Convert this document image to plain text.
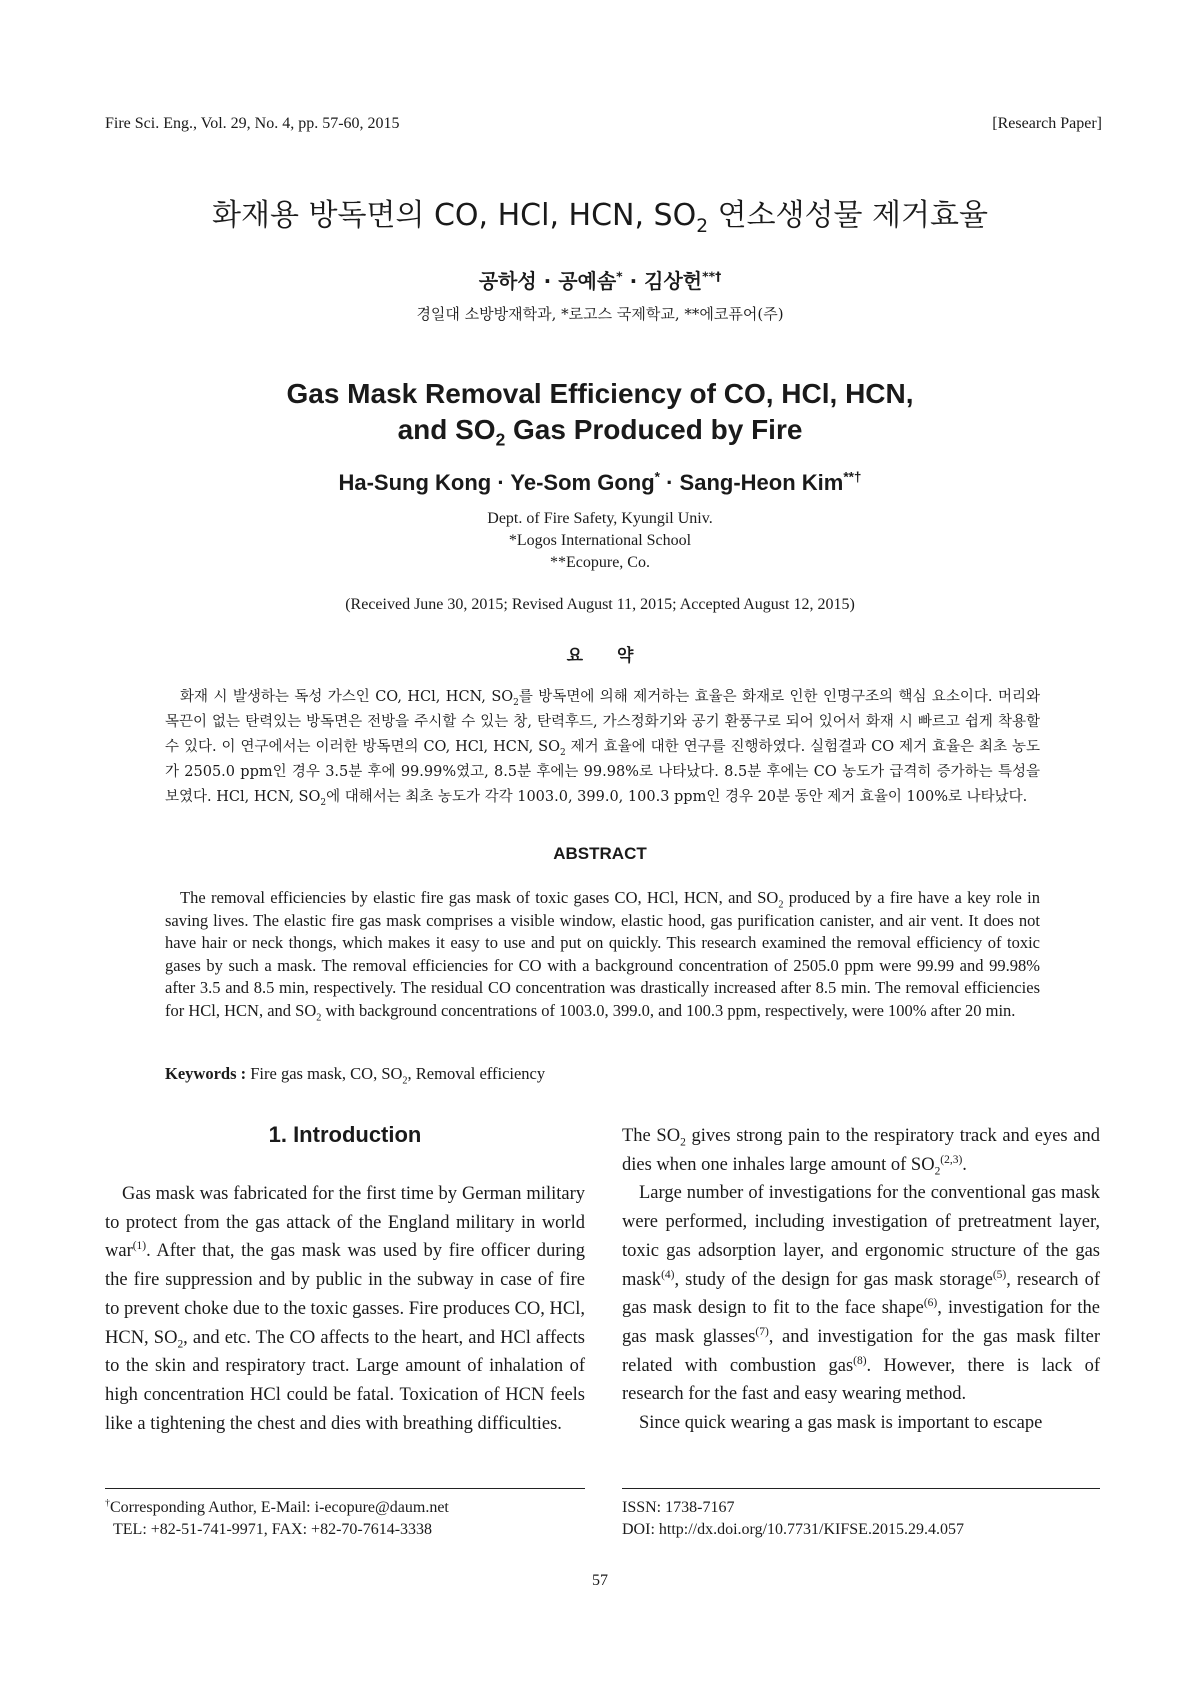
Fire Sci. Eng., Vol. 29, No. 4, pp. 57-60, 2015	[Research Paper]
화재용 방독면의 CO, HCl, HCN, $SO_2$ 연소생성물 제거효율
공하성 · 공예솜* · 김상헌**†
경일대 소방방재학과, *로고스 국제학교, **에코퓨어(주)
Gas Mask Removal Efficiency of CO, HCl, HCN,
and $SO_2$ Gas Produced by Fire
Ha-Sung Kong · Ye-Som Gong* · Sang-Heon Kim**†
Dept. of Fire Safety, Kyungil Univ.
*Logos International School
**Ecopure, Co.
(Received June 30, 2015; Revised August 11, 2015; Accepted August 12, 2015)
요약
화재 시 발생하는 독성 가스인 CO, HCl, HCN, $SO_2$를 방독면에 의해 제거하는 효율은 화재로 인한 인명구조의 핵심 요소이다. 머리와 목끈이 없는 탄력있는 방독면은 전방을 주시할 수 있는 창, 탄력후드, 가스정화기와 공기 환풍구로 되어 있어서 화재 시 빠르고 쉽게 착용할 수 있다. 이 연구에서는 이러한 방독면의 CO, HCl, HCN, $SO_2$ 제거 효율에 대한 연구를 진행하였다. 실험결과 CO 제거 효율은 최초 농도가 2505.0 ppm인 경우 3.5분 후에 99.99%였고, 8.5분 후에는 99.98%로 나타났다. 8.5분 후에는 CO 농도가 급격히 증가하는 특성을 보였다. HCl, HCN, $SO_2$에 대해서는 최초 농도가 각각 1003.0, 399.0, 100.3 ppm인 경우 20분 동안 제거 효율이 100%로 나타났다.
ABSTRACT
The removal efficiencies by elastic fire gas mask of toxic gases CO, HCl, HCN, and $SO_2$ produced by a fire have a key role in saving lives. The elastic fire gas mask comprises a visible window, elastic hood, gas purification canister, and air vent. It does not have hair or neck thongs, which makes it easy to use and put on quickly. This research examined the removal efficiency of toxic gases by such a mask. The removal efficiencies for CO with a background concentration of 2505.0 ppm were 99.99 and 99.98% after 3.5 and 8.5 min, respectively. The residual CO concentration was drastically increased after 8.5 min. The removal efficiencies for HCl, HCN, and $SO_2$ with background concentrations of 1003.0, 399.0, and 100.3 ppm, respectively, were 100% after 20 min.
Keywords : Fire gas mask, CO, $SO_2$, Removal efficiency
1. Introduction
Gas mask was fabricated for the first time by German military to protect from the gas attack of the England military in world war$^{(1)}$. After that, the gas mask was used by fire officer during the fire suppression and by public in the subway in case of fire to prevent choke due to the toxic gasses. Fire produces CO, HCl, HCN, $SO_2$, and etc. The CO affects to the heart, and HCl affects to the skin and respiratory tract. Large amount of inhalation of high concentration HCl could be fatal. Toxication of HCN feels like a tightening the chest and dies with breathing difficulties.

The $SO_2$ gives strong pain to the respiratory track and eyes and dies when one inhales large amount of $SO_2^{(2,3)}$.

Large number of investigations for the conventional gas mask were performed, including investigation of pretreatment layer, toxic gas adsorption layer, and ergonomic structure of the gas mask$^{(4)}$, study of the design for gas mask storage$^{(5)}$, research of gas mask design to fit to the face shape$^{(6)}$, investigation for the gas mask glasses$^{(7)}$, and investigation for the gas mask filter related with combustion gas$^{(8)}$. However, there is lack of research for the fast and easy wearing method.

Since quick wearing a gas mask is important to escape

†Corresponding Author, E-Mail: i-ecopure@daum.net
TEL: +82-51-741-9971, FAX: +82-70-7614-3338
ISSN: 1738-7167
DOI: http://dx.doi.org/10.7731/KIFSE.2015.29.4.057
57
